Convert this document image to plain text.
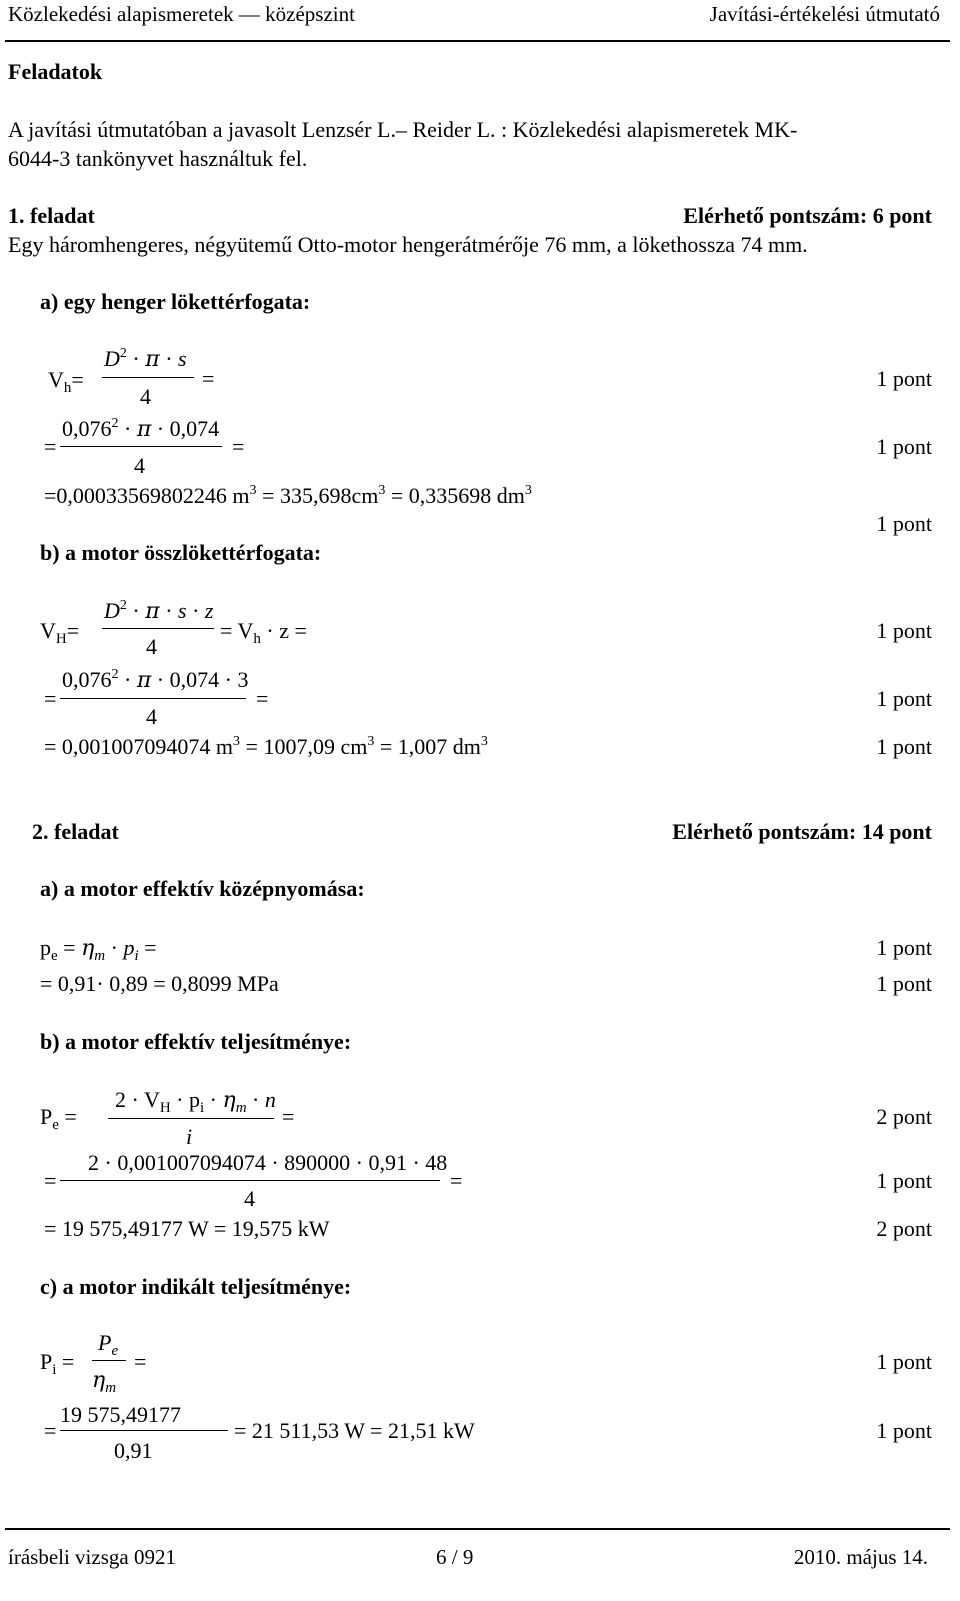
Közlekedési alapismeretek — középszint	Javítási-értékelési útmutató
Feladatok
A javítási útmutatóban a javasolt Lenzsér L.– Reider L. : Közlekedési alapismeretek MK-
6044-3 tankönyvet használtuk fel.
1. feladat	Elérhető pontszám: 6 pont
Egy háromhengeres, négyütemű Otto-motor hengerátmérője 76 mm, a lökethossza 74 mm.
a) egy henger lökettérfogata:
$V_h=$
$D^2 \cdot \pi \cdot s$
4
=	1 pont
=
$0,076^2 \cdot \pi \cdot 0,074$
4
=	1 pont
=0,00033569802246 $m^3 = 335,698cm^3 = 0,335698$ $dm^3$
1 pont
b) a motor összlökettérfogata:
$V_H=$
$D^2 \cdot \pi \cdot s \cdot z$
4
= $V_h \cdot z$ =	1 pont
=
$0,076^2 \cdot \pi \cdot 0,074 \cdot 3$
4
=	1 pont
= 0,001007094074 $m^3 = 1007,09$ $cm^3 = 1,007$ $dm^3$	1 pont
2. feladat	Elérhető pontszám: 14 pont
a) a motor effektív középnyomása:
$p_e = \eta_m \cdot p_i$ =	1 pont
= 0,91· 0,89 = 0,8099 MPa	1 pont
b) a motor effektív teljesítménye:
$P_e$ =
$2 \cdot V_H \cdot p_i \cdot \eta_m \cdot n$
i
=	2 pont
=
2 · 0,001007094074 · 890000 · 0,91 · 48
4
=	1 pont
= 19 575,49177 W = 19,575 kW	2 pont
c) a motor indikált teljesítménye:
$P_i$ =
$P_e$
$\eta_m$
=	1 pont
=
19 575,49177
0,91
= 21 511,53 W = 21,51 kW	1 pont
írásbeli vizsga 0921	6 / 9	2010. május 14.
